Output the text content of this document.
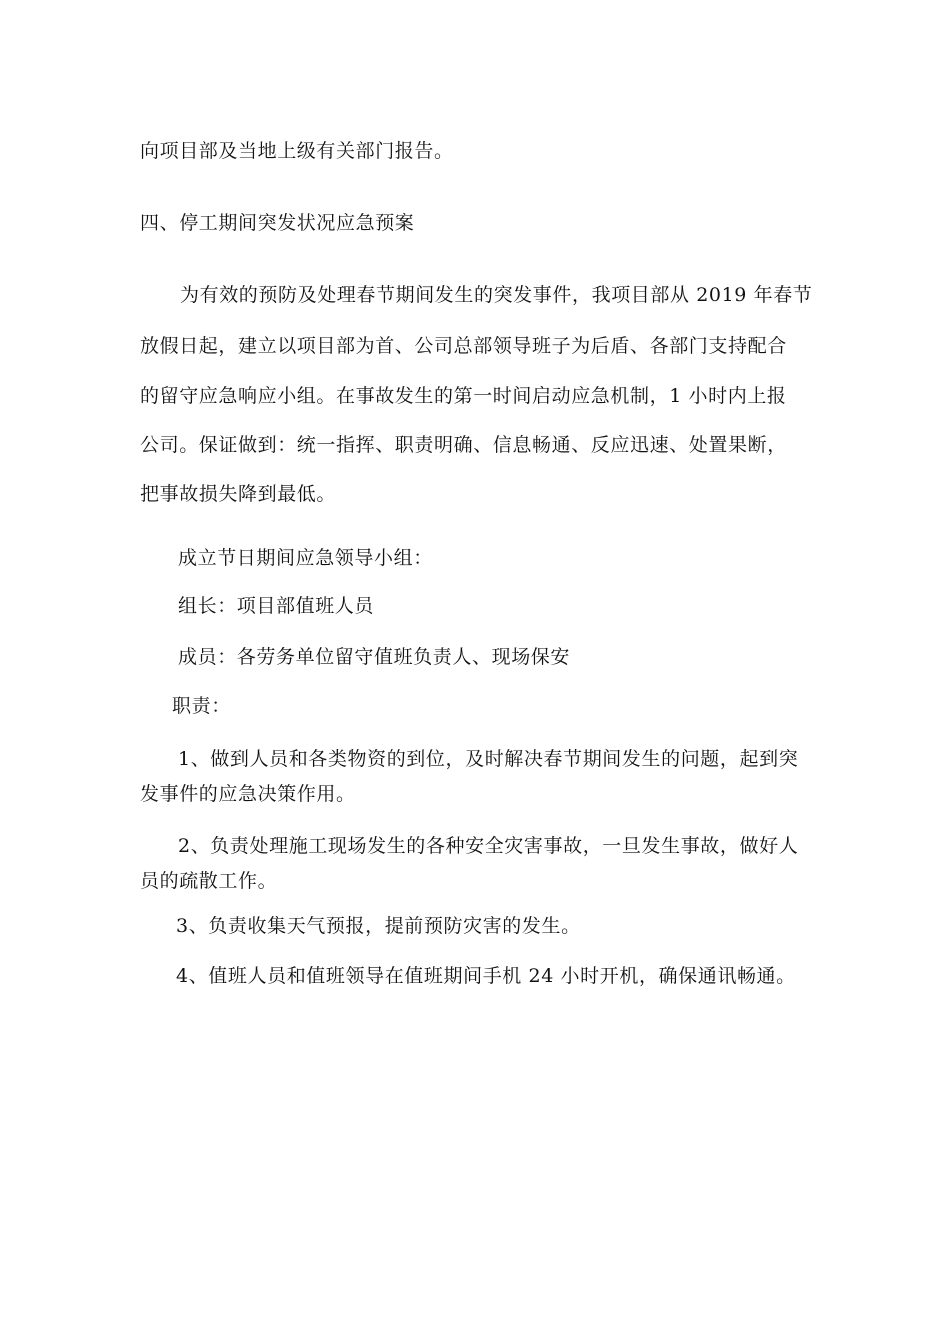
向项目部及当地上级有关部门报告。
四、停工期间突发状况应急预案
为有效的预防及处理春节期间发生的突发事件，我项目部从 2019 年春节
放假日起，建立以项目部为首、公司总部领导班子为后盾、各部门支持配合
的留守应急响应小组。在事故发生的第一时间启动应急机制，1 小时内上报
公司。保证做到：统一指挥、职责明确、信息畅通、反应迅速、处置果断，
把事故损失降到最低。
成立节日期间应急领导小组：
组长：项目部值班人员
成员：各劳务单位留守值班负责人、现场保安
职责：
1、做到人员和各类物资的到位，及时解决春节期间发生的问题，起到突
发事件的应急决策作用。
2、负责处理施工现场发生的各种安全灾害事故，一旦发生事故，做好人
员的疏散工作。
3、负责收集天气预报，提前预防灾害的发生。
4、值班人员和值班领导在值班期间手机 24 小时开机，确保通讯畅通。
